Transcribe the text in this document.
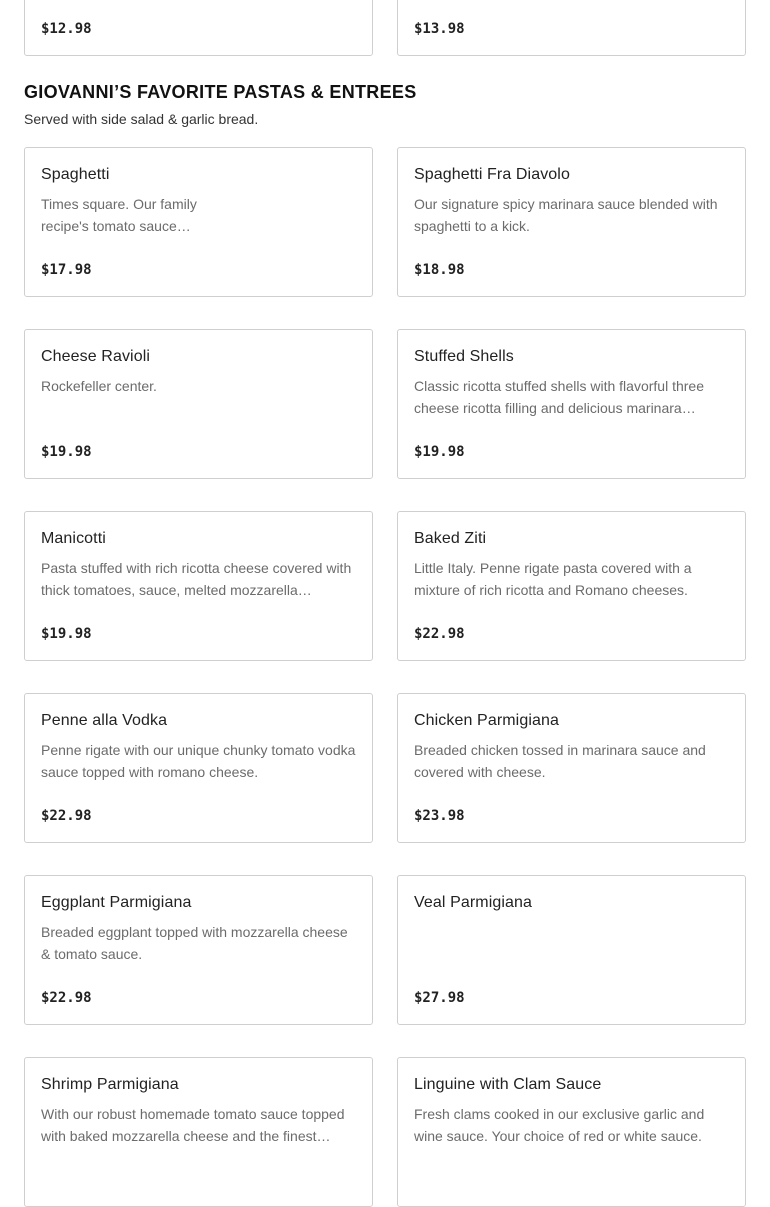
$12.98	$13.98
GIOVANNI’S FAVORITE PASTAS & ENTREES

Served with side salad & garlic bread.

Spaghetti
Times square. Our family recipe's tomato sauce…
$17.98
Spaghetti Fra Diavolo
Our signature spicy marinara sauce blended with spaghetti to a kick.
$18.98
Cheese Ravioli
Rockefeller center.
$19.98
Stuffed Shells
Classic ricotta stuffed shells with flavorful three cheese ricotta filling and delicious marinara…
$19.98
Manicotti
Pasta stuffed with rich ricotta cheese covered with thick tomatoes, sauce, melted mozzarella…
$19.98
Baked Ziti
Little Italy. Penne rigate pasta covered with a mixture of rich ricotta and Romano cheeses.
$22.98
Penne alla Vodka
Penne rigate with our unique chunky tomato vodka sauce topped with romano cheese.
$22.98
Chicken Parmigiana
Breaded chicken tossed in marinara sauce and covered with cheese.
$23.98
Eggplant Parmigiana
Breaded eggplant topped with mozzarella cheese & tomato sauce.
$22.98
Veal Parmigiana
$27.98
Shrimp Parmigiana
With our robust homemade tomato sauce topped with baked mozzarella cheese and the finest…
Linguine with Clam Sauce
Fresh clams cooked in our exclusive garlic and wine sauce. Your choice of red or white sauce.
